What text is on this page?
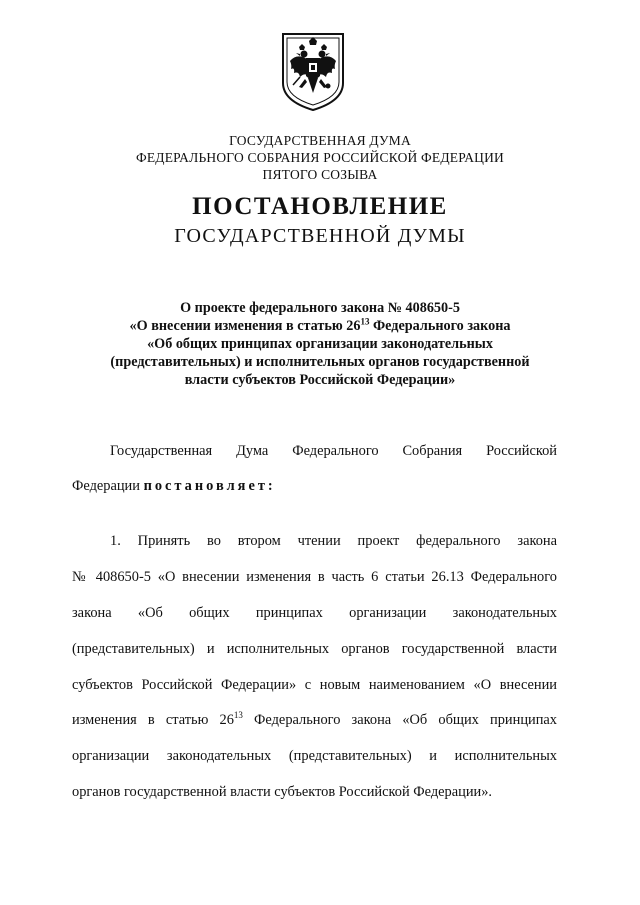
ГОСУДАРСТВЕННАЯ ДУМА
ФЕДЕРАЛЬНОГО СОБРАНИЯ РОССИЙСКОЙ ФЕДЕРАЦИИ
ПЯТОГО СОЗЫВА
ПОСТАНОВЛЕНИЕ
ГОСУДАРСТВЕННОЙ ДУМЫ
О проекте федерального закона № 408650-5
«О внесении изменения в статью $26^{13}$ Федерального закона
«Об общих принципах организации законодательных
(представительных) и исполнительных органов государственной
власти субъектов Российской Федерации»
Государственная Дума Федерального Собрания Российской
Федерации постановляет:
1. Принять во втором чтении проект федерального закона
№ 408650-5 «О внесении изменения в часть 6 статьи 26.13 Федерального
закона «Об общих принципах организации законодательных
(представительных) и исполнительных органов государственной власти
субъектов Российской Федерации» с новым наименованием «О внесении
изменения в статью $26^{13}$ Федерального закона «Об общих принципах
организации законодательных (представительных) и исполнительных
органов государственной власти субъектов Российской Федерации».
